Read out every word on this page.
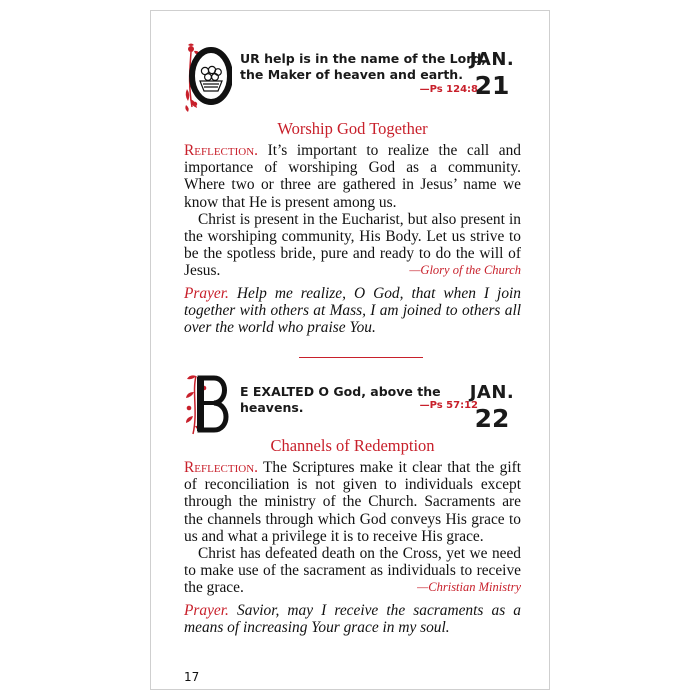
UR help is in the name of the Lord, the Maker of heaven and earth.
—Ps 124:8
JAN.
21
Worship God Together

Reflection. It’s important to realize the call and importance of worshiping God as a community. Where two or three are gathered in Jesus’ name we know that He is present among us.

Christ is present in the Eucharist, but also present in the worshiping community, His Body. Let us strive to be the spotless bride, pure and ready to do the will of Jesus.	—Glory of the Church

Prayer. Help me realize, O God, that when I join together with others at Mass, I am joined to others all over the world who praise You.
E EXALTED O God, above the heavens.	—Ps 57:12
JAN.
22
Channels of Redemption

Reflection. The Scriptures make it clear that the gift of reconciliation is not given to individuals except through the ministry of the Church. Sacraments are the channels through which God conveys His grace to us and what a privilege it is to receive His grace.

Christ has defeated death on the Cross, yet we need to make use of the sacrament as individuals to receive the grace.	—Christian Ministry

Prayer. Savior, may I receive the sacraments as a means of increasing Your grace in my soul.
17
